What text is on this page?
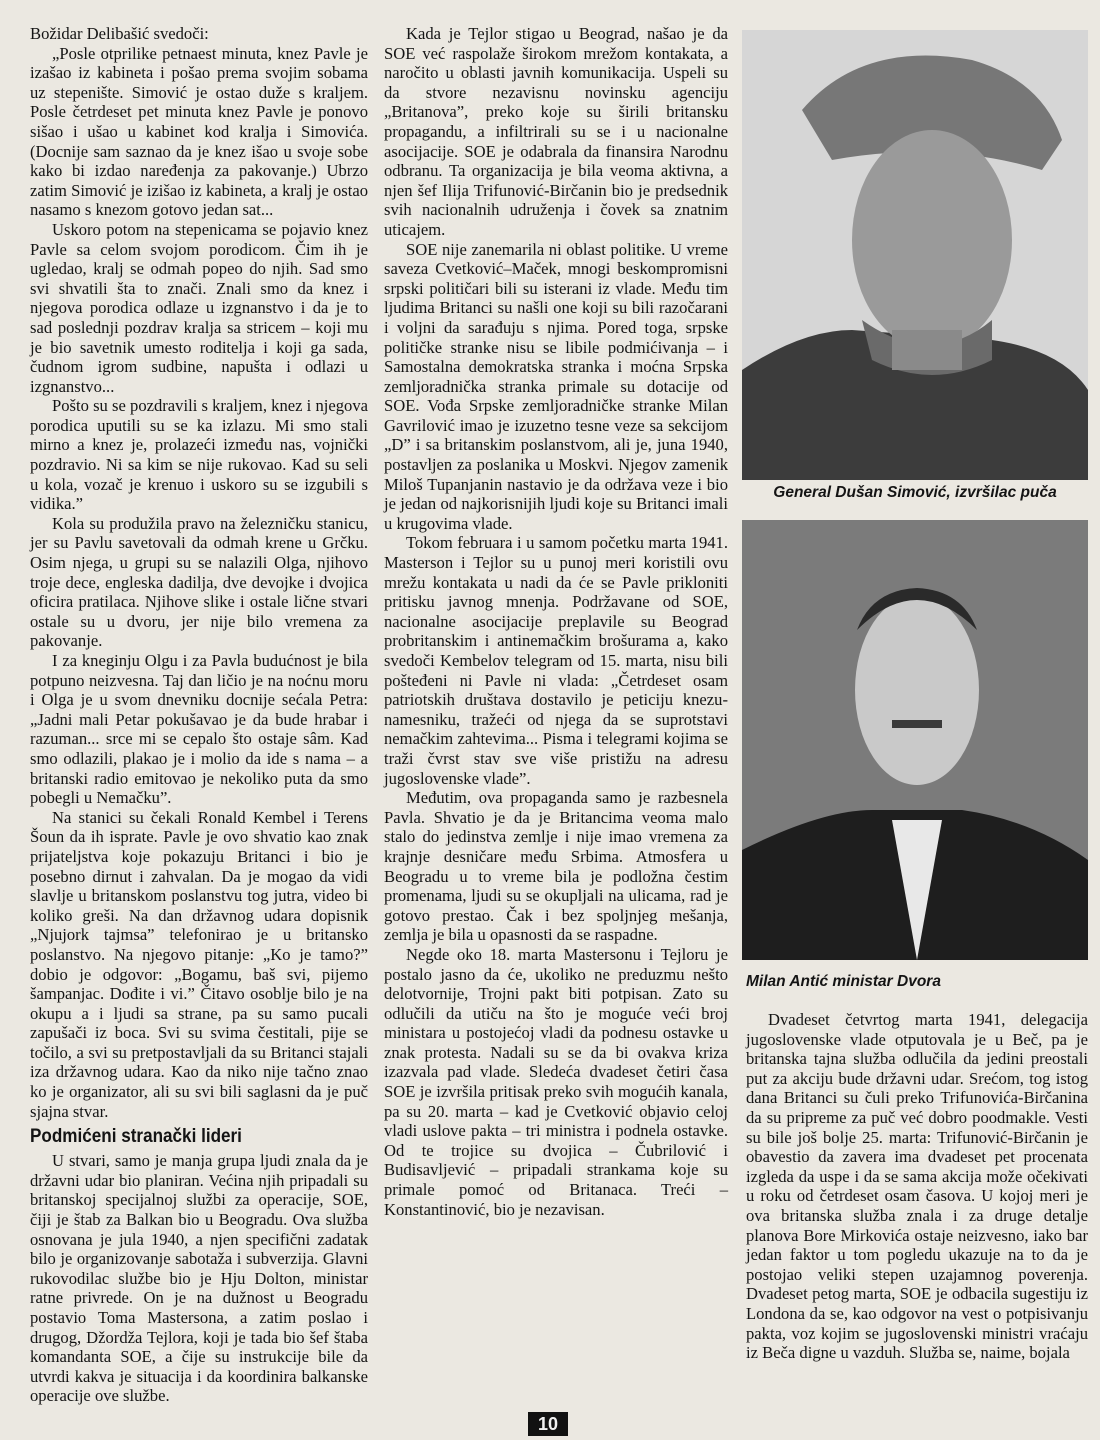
Božidar Delibašić svedoči:

„Posle otprilike petnaest minuta, knez Pavle je izašao iz kabineta i pošao prema svojim sobama uz stepenište. Simović je ostao duže s kraljem. Posle četrdeset pet minuta knez Pavle je ponovo sišao i ušao u kabinet kod kralja i Simovića. (Docnije sam saznao da je knez išao u svoje sobe kako bi izdao naređenja za pakovanje.) Ubrzo zatim Simović je izišao iz kabineta, a kralj je ostao nasamo s knezom gotovo jedan sat...

Uskoro potom na stepenicama se pojavio knez Pavle sa celom svojom porodicom. Čim ih je ugledao, kralj se odmah popeo do njih. Sad smo svi shvatili šta to znači. Znali smo da knez i njegova porodica odlaze u izgnanstvo i da je to sad poslednji pozdrav kralja sa stricem – koji mu je bio savetnik umesto roditelja i koji ga sada, čudnom igrom sudbine, napušta i odlazi u izgnanstvo...

Pošto su se pozdravili s kraljem, knez i njegova porodica uputili su se ka izlazu. Mi smo stali mirno a knez je, prolazeći između nas, vojnički pozdravio. Ni sa kim se nije rukovao. Kad su seli u kola, vozač je krenuo i uskoro su se izgubili s vidika.”

Kola su produžila pravo na železničku stanicu, jer su Pavlu savetovali da odmah krene u Grčku. Osim njega, u grupi su se nalazili Olga, njihovo troje dece, engleska dadilja, dve devojke i dvojica oficira pratilaca. Njihove slike i ostale lične stvari ostale su u dvoru, jer nije bilo vremena za pakovanje.

I za kneginju Olgu i za Pavla budućnost je bila potpuno neizvesna. Taj dan ličio je na noćnu moru i Olga je u svom dnevniku docnije sećala Petra: „Jadni mali Petar pokušavao je da bude hrabar i razuman... srce mi se cepalo što ostaje sâm. Kad smo odlazili, plakao je i molio da ide s nama – a britanski radio emitovao je nekoliko puta da smo pobegli u Nemačku”.

Na stanici su čekali Ronald Kembel i Terens Šoun da ih isprate. Pavle je ovo shvatio kao znak prijateljstva koje pokazuju Britanci i bio je posebno dirnut i zahvalan. Da je mogao da vidi slavlje u britanskom poslanstvu tog jutra, video bi koliko greši. Na dan državnog udara dopisnik „Njujork tajmsa” telefonirao je u britansko poslanstvo. Na njegovo pitanje: „Ko je tamo?” dobio je odgovor: „Bogamu, baš svi, pijemo šampanjac. Dođite i vi.” Čitavo osoblje bilo je na okupu a i ljudi sa strane, pa su samo pucali zapušači iz boca. Svi su svima čestitali, pije se točilo, a svi su pretpostavljali da su Britanci stajali iza državnog udara. Kao da niko nije tačno znao ko je organizator, ali su svi bili saglasni da je puč sjajna stvar.

Podmićeni stranački lideri

U stvari, samo je manja grupa ljudi znala da je državni udar bio planiran. Većina njih pripadali su britanskoj specijalnoj službi za operacije, SOE, čiji je štab za Balkan bio u Beogradu. Ova služba osnovana je jula 1940, a njen specifični zadatak bilo je organizovanje sabotaža i subverzija. Glavni rukovodilac službe bio je Hju Dolton, ministar ratne privrede. On je na dužnost u Beogradu postavio Toma Mastersona, a zatim poslao i drugog, Džordža Tejlora, koji je tada bio šef štaba komandanta SOE, a čije su instrukcije bile da utvrdi kakva je situacija i da koordinira balkanske operacije ove službe.

Kada je Tejlor stigao u Beograd, našao je da SOE već raspolaže širokom mrežom kontakata, a naročito u oblasti javnih komunikacija. Uspeli su da stvore nezavisnu novinsku agenciju „Britanova”, preko koje su širili britansku propagandu, a infiltrirali su se i u nacionalne asocijacije. SOE je odabrala da finansira Narodnu odbranu. Ta organizacija je bila veoma aktivna, a njen šef Ilija Trifunović-Birčanin bio je predsednik svih nacionalnih udruženja i čovek sa znatnim uticajem.

SOE nije zanemarila ni oblast politike. U vreme saveza Cvetković–Maček, mnogi beskompromisni srpski političari bili su isterani iz vlade. Među tim ljudima Britanci su našli one koji su bili razočarani i voljni da sarađuju s njima. Pored toga, srpske političke stranke nisu se libile podmićivanja – i Samostalna demokratska stranka i moćna Srpska zemljoradnička stranka primale su dotacije od SOE. Vođa Srpske zemljoradničke stranke Milan Gavrilović imao je izuzetno tesne veze sa sekcijom „D” i sa britanskim poslanstvom, ali je, juna 1940, postavljen za poslanika u Moskvi. Njegov zamenik Miloš Tupanjanin nastavio je da održava veze i bio je jedan od najkorisnijih ljudi koje su Britanci imali u krugovima vlade.

Tokom februara i u samom početku marta 1941. Masterson i Tejlor su u punoj meri koristili ovu mrežu kontakata u nadi da će se Pavle prikloniti pritisku javnog mnenja. Podržavane od SOE, nacionalne asocijacije preplavile su Beograd probritanskim i antinemačkim brošurama a, kako svedoči Kembelov telegram od 15. marta, nisu bili pošteđeni ni Pavle ni vlada: „Četrdeset osam patriotskih društava dostavilo je peticiju knezu-namesniku, tražeći od njega da se suprotstavi nemačkim zahtevima... Pisma i telegrami kojima se traži čvrst stav sve više pristižu na adresu jugoslovenske vlade”.

Međutim, ova propaganda samo je razbesnela Pavla. Shvatio je da je Britancima veoma malo stalo do jedinstva zemlje i nije imao vremena za krajnje desničare među Srbima. Atmosfera u Beogradu u to vreme bila je podložna čestim promenama, ljudi su se okupljali na ulicama, rad je gotovo prestao. Čak i bez spoljnjeg mešanja, zemlja je bila u opasnosti da se raspadne.

Negde oko 18. marta Mastersonu i Tejloru je postalo jasno da će, ukoliko ne preduzmu nešto delotvornije, Trojni pakt biti potpisan. Zato su odlučili da utiču na što je moguće veći broj ministara u postojećoj vladi da podnesu ostavke u znak protesta. Nadali su se da bi ovakva kriza izazvala pad vlade. Sledeća dvadeset četiri časa SOE je izvršila pritisak preko svih mogućih kanala, pa su 20. marta – kad je Cvetković objavio celoj vladi uslove pakta – tri ministra i podnela ostavke. Od te trojice su dvojica – Čubrilović i Budisavljević – pripadali strankama koje su primale pomoć od Britanaca. Treći – Konstantinović, bio je nezavisan.

General Dušan Simović, izvršilac puča
Milan Antić ministar Dvora

Dvadeset četvrtog marta 1941, delegacija jugoslovenske vlade otputovala je u Beč, pa je britanska tajna služba odlučila da jedini preostali put za akciju bude državni udar. Srećom, tog istog dana Britanci su čuli preko Trifunovića-Birčanina da su pripreme za puč već dobro poodmakle. Vesti su bile još bolje 25. marta: Trifunović-Birčanin je obavestio da zavera ima dvadeset pet procenata izgleda da uspe i da se sama akcija može očekivati u roku od četrdeset osam časova. U kojoj meri je ova britanska služba znala i za druge detalje planova Bore Mirkovića ostaje neizvesno, iako bar jedan faktor u tom pogledu ukazuje na to da je postojao veliki stepen uzajamnog poverenja. Dvadeset petog marta, SOE je odbacila sugestiju iz Londona da se, kao odgovor na vest o potpisivanju pakta, voz kojim se jugoslovenski ministri vraćaju iz Beča digne u vazduh. Služba se, naime, bojala

10
